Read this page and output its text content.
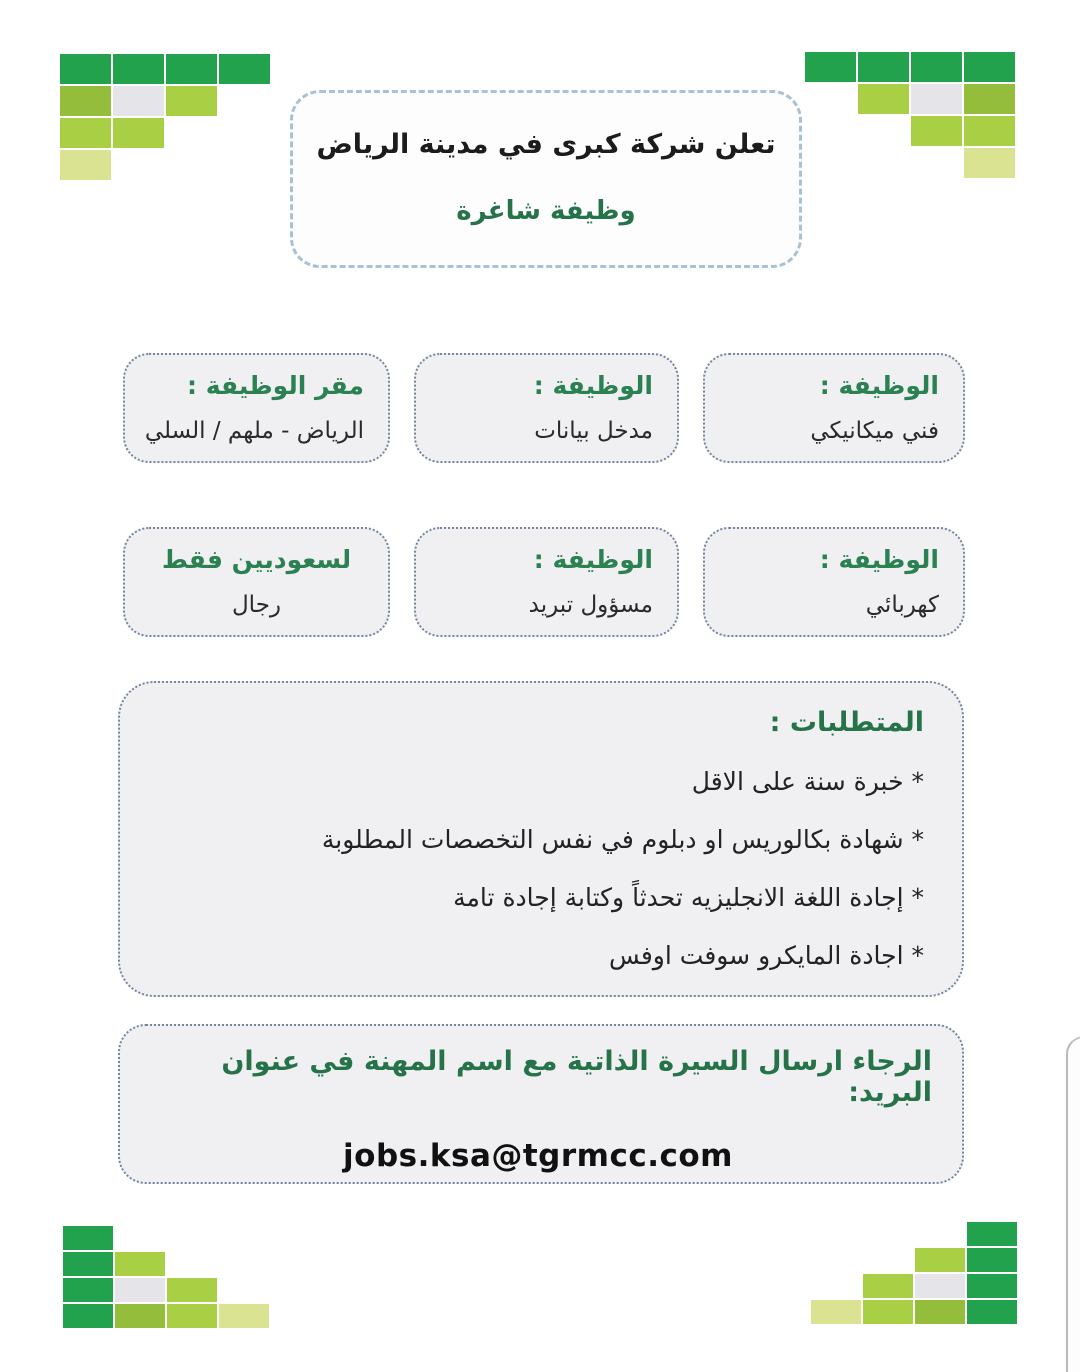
تعلن شركة كبرى في مدينة الرياض
وظيفة شاغرة
الوظيفة :
فني ميكانيكي
الوظيفة :
مدخل بيانات
مقر الوظيفة :
الرياض - ملهم / السلي
الوظيفة :
كهربائي
الوظيفة :
مسؤول تبريد
لسعوديين فقط
رجال
المتطلبات :
* خبرة سنة على الاقل
* شهادة بكالوريس او دبلوم في نفس التخصصات المطلوبة
* إجادة اللغة الانجليزيه تحدثاً وكتابة إجادة تامة
* اجادة المايكرو سوفت اوفس
الرجاء ارسال السيرة الذاتية مع اسم المهنة في عنوان البريد:
jobs.ksa@tgrmcc.com
